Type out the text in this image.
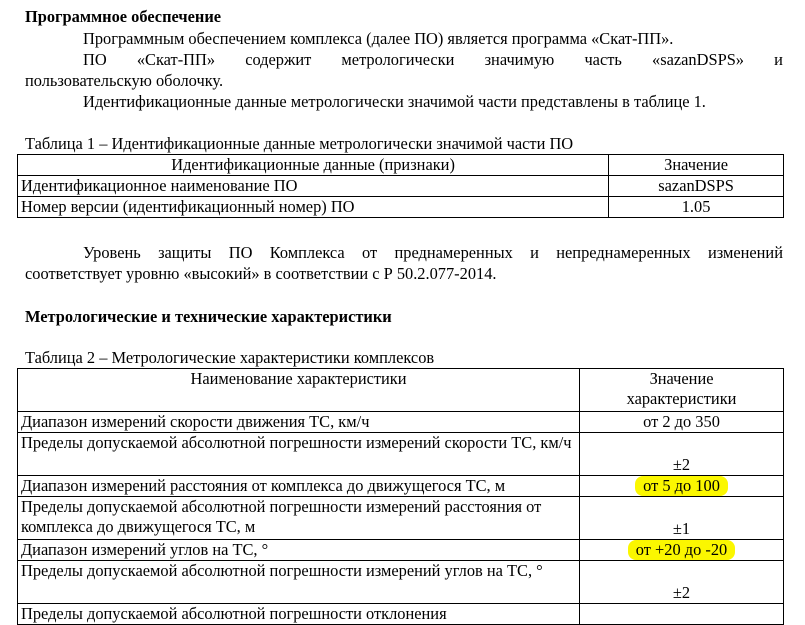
Программное обеспечение
Программным обеспечением комплекса (далее ПО) является программа «Скат-ПП».
ПО «Скат-ПП» содержит метрологически значимую часть «sazanDSPS» и
пользовательскую оболочку.
Идентификационные данные метрологически значимой части представлены в таблице 1.
Таблица 1 – Идентификационные данные метрологически значимой части ПО
Идентификационные данные (признаки)	Значение
Идентификационное наименование ПО	sazanDSPS
Номер версии (идентификационный номер) ПО	1.05
Уровень защиты ПО Комплекса от преднамеренных и непреднамеренных изменений
соответствует уровню «высокий» в соответствии с Р 50.2.077-2014.
Метрологические и технические характеристики
Таблица 2 – Метрологические характеристики комплексов
Наименование характеристики	Значение характеристики
Диапазон измерений скорости движения ТС, км/ч	от 2 до 350
Пределы допускаемой абсолютной погрешности измерений скорости ТС, км/ч	±2
Диапазон измерений расстояния от комплекса до движущегося ТС, м	от 5 до 100
Пределы допускаемой абсолютной погрешности измерений расстояния от комплекса до движущегося ТС, м	±1
Диапазон измерений углов на ТС, °	от +20 до -20
Пределы допускаемой абсолютной погрешности измерений углов на ТС, °	±2
Пределы допускаемой абсолютной погрешности отклонения	
